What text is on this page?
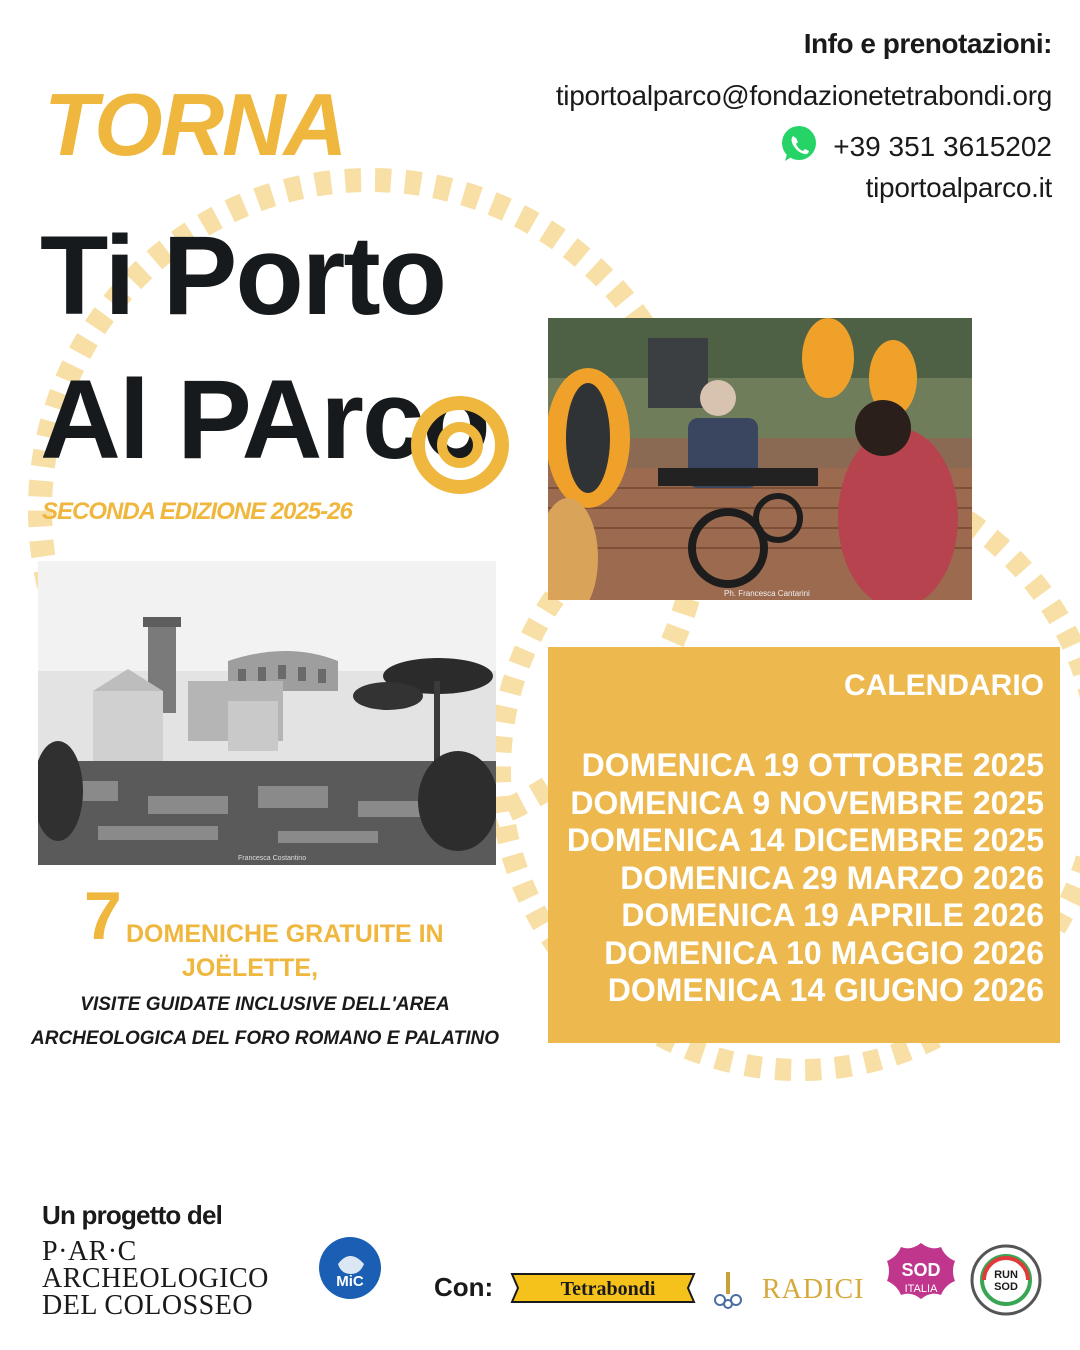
Info e prenotazioni:
tiportoalparco@fondazionetetrabondi.org
+39 351 3615202
tiportoalparco.it
TORNA
Ti Porto
Al PArco
SECONDA EDIZIONE 2025-26
Ph. Francesca Cantarini
Francesca Costantino
7 DOMENICHE GRATUITE IN
JOËLETTE,
VISITE GUIDATE INCLUSIVE DELL'AREA
ARCHEOLOGICA DEL FORO ROMANO E PALATINO
CALENDARIO
DOMENICA 19 OTTOBRE 2025
DOMENICA 9 NOVEMBRE 2025
DOMENICA 14 DICEMBRE 2025
DOMENICA 29 MARZO 2026
DOMENICA 19 APRILE 2026
DOMENICA 10 MAGGIO 2026
DOMENICA 14 GIUGNO 2026
Un progetto del
P·AR·C
ARCHEOLOGICO
DEL COLOSSEO
MiC	Con:	Tetrabondi	RADICI
SOD
ITALIA
RUN
SOD
